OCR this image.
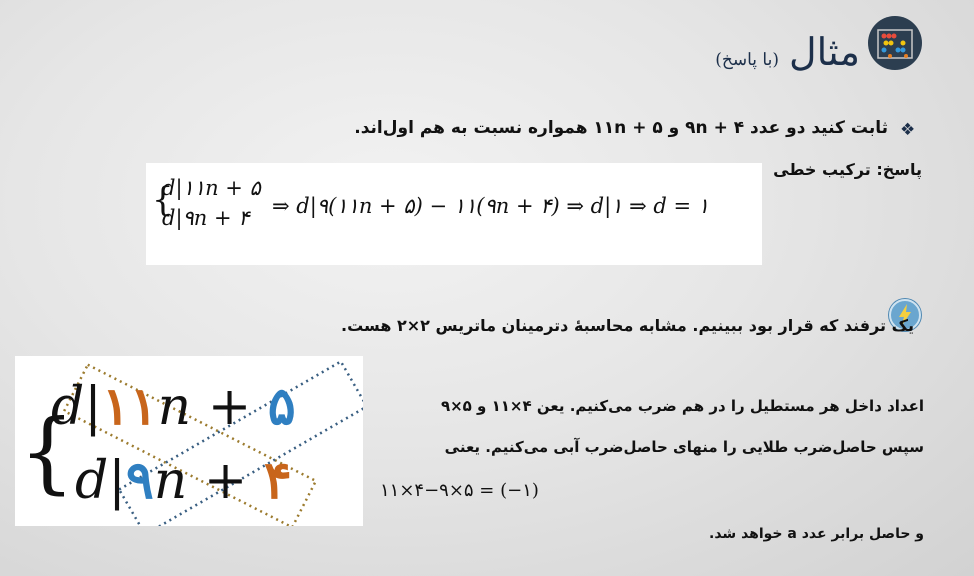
مثال(با پاسخ)
❖
ثابت کنید دو عدد ۴ + ۹n و ۵ + ۱۱n همواره نسبت به هم اول‌اند.
پاسخ: ترکیب خطی
{
d|۱۱n + ۵
d|۹n + ۴ ⇒ d|۹(۱۱n + ۵) − ۱۱(۹n + ۴) ⇒ d|۱ ⇒ d = ۱
یک ترفند که قرار بود ببینیم. مشابه محاسبهٔ دترمینان ماتریس ۲×۲ هست.
{
d|۱۱n + ۵
d|۹n + ۴
اعداد داخل هر مستطیل را در هم ضرب می‌کنیم. یعن ۴×۱۱ و ۵×۹
سپس حاصل‌ضرب طلایی را منهای حاصل‌ضرب آبی می‌کنیم. یعنی
۱۱×۴−۹×۵ = (−۱)
و حاصل برابر عدد a خواهد شد.
